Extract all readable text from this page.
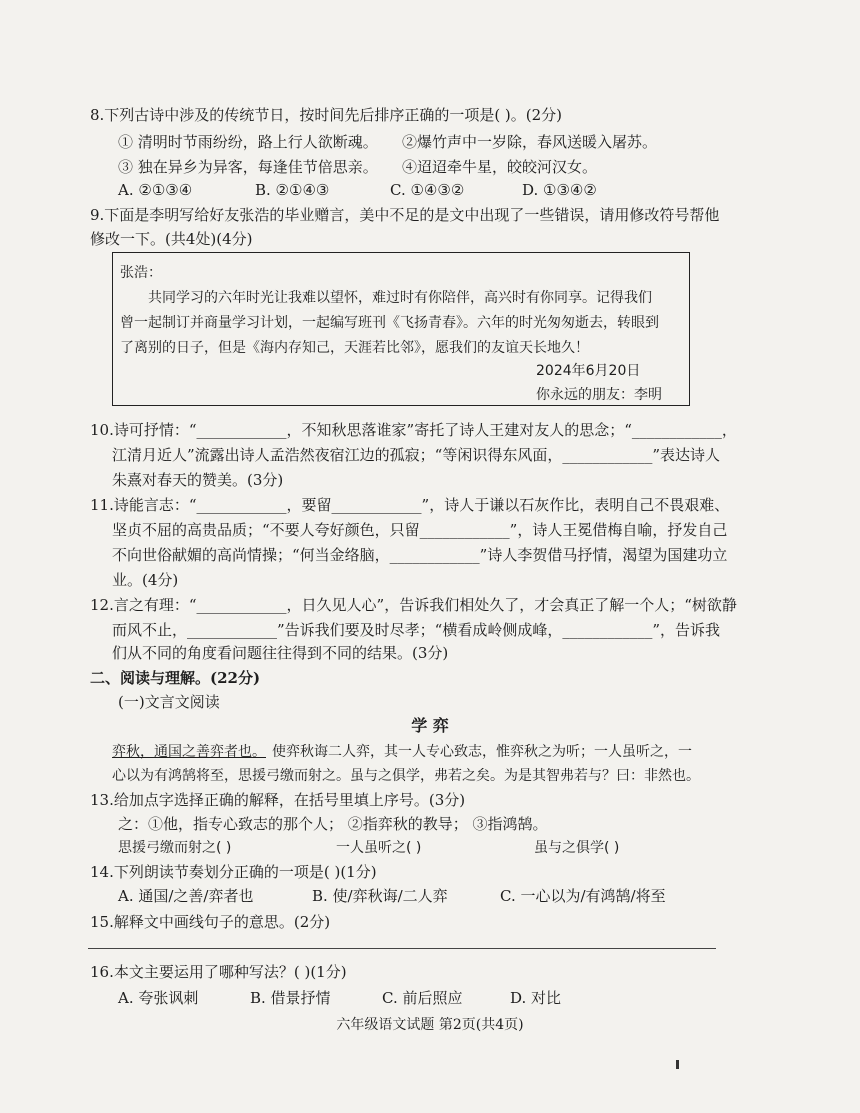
8.下列古诗中涉及的传统节日，按时间先后排序正确的一项是( )。(2分)
① 清明时节雨纷纷，路上行人欲断魂。 ②爆竹声中一岁除，春风送暖入屠苏。
③ 独在异乡为异客，每逢佳节倍思亲。 ④迢迢牵牛星，皎皎河汉女。
A. ②①③④	B. ②①④③	C. ①④③②	D. ①③④②
9.下面是李明写给好友张浩的毕业赠言，美中不足的是文中出现了一些错误，请用修改符号帮他
修改一下。(共4处)(4分)
张浩：
共同学习的六年时光让我难以望怀，难过时有你陪伴，高兴时有你同享。记得我们
曾一起制订并商量学习计划，一起编写班刊《飞扬青春》。六年的时光匆匆逝去，转眼到
了离别的日子，但是《海内存知己，天涯若比邻》，愿我们的友谊天长地久！
2024年6月20日
你永远的朋友：李明
10.诗可抒情：“____________，不知秋思落谁家”寄托了诗人王建对友人的思念；“____________，
江清月近人”流露出诗人孟浩然夜宿江边的孤寂；“等闲识得东风面，____________”表达诗人
朱熹对春天的赞美。(3分)
11.诗能言志：“____________，要留____________”，诗人于谦以石灰作比，表明自己不畏艰难、
坚贞不屈的高贵品质；“不要人夸好颜色，只留____________”，诗人王冕借梅自喻，抒发自己
不向世俗献媚的高尚情操；“何当金络脑，____________”诗人李贺借马抒情，渴望为国建功立
业。(4分)
12.言之有理：“____________，日久见人心”，告诉我们相处久了，才会真正了解一个人；“树欲静
而风不止，____________”告诉我们要及时尽孝；“横看成岭侧成峰，____________”，告诉我
们从不同的角度看问题往往得到不同的结果。(3分)
二、阅读与理解。(22分)
(一)文言文阅读
学 弈
弈秋，通国之善弈者也。 使弈秋诲二人弈，其一人专心致志，惟弈秋之为听；一人虽听之，一
心以为有鸿鹄将至，思援弓缴而射之。虽与之俱学，弗若之矣。为是其智弗若与？曰：非然也。
13.给加点字选择正确的解释，在括号里填上序号。(3分)
之：①他，指专心致志的那个人； ②指弈秋的教导； ③指鸿鹄。
思援弓缴而射之( )	一人虽听之( )	虽与之俱学( )
14.下列朗读节奏划分正确的一项是( )(1分)
A. 通国/之善/弈者也	B. 使/弈秋诲/二人弈	C. 一心以为/有鸿鹄/将至
15.解释文中画线句子的意思。(2分)
16.本文主要运用了哪种写法？( )(1分)
A. 夸张讽刺	B. 借景抒情	C. 前后照应	D. 对比
六年级语文试题 第2页(共4页)
